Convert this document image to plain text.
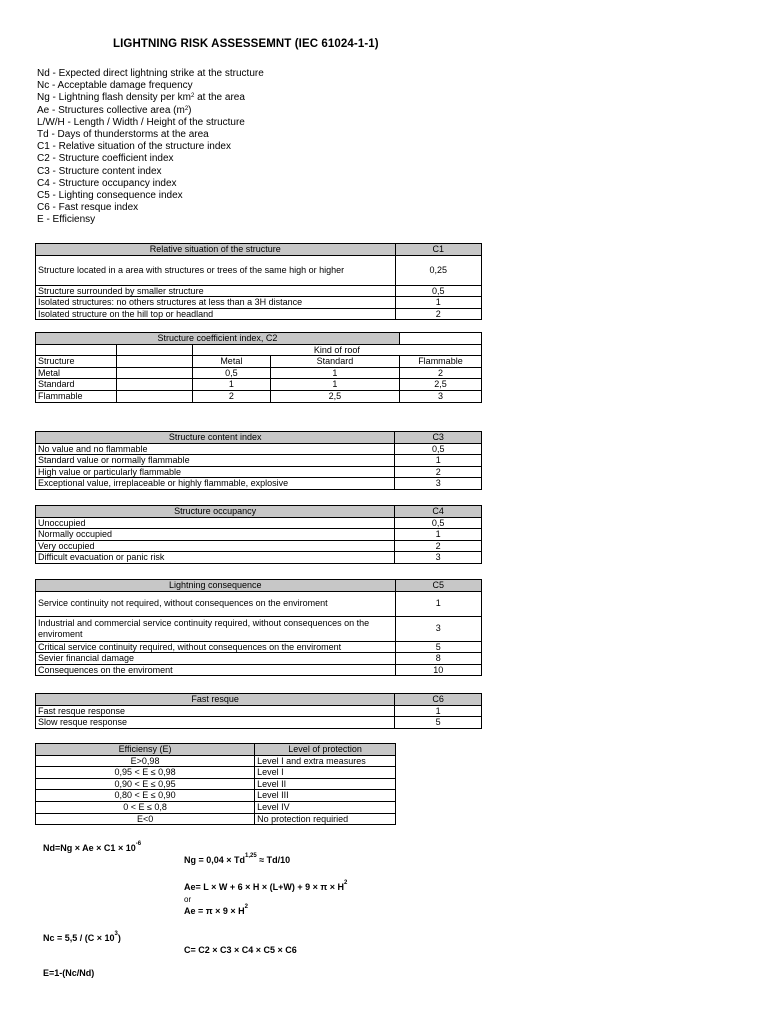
LIGHTNING RISK ASSESSEMNT (IEC 61024-1-1)
Nd - Expected direct lightning strike at the structure
Nc - Acceptable damage frequency
Ng - Lightning flash density per $km^2$ at the area
Ae - Structures collective area $(m^2)$
L/W/H - Length / Width / Height of the structure
Td - Days of thunderstorms at the area
C1 - Relative situation of the structure index
C2 - Structure coefficient index
C3 - Structure content index
C4 - Structure occupancy index
C5 - Lighting consequence index
C6 - Fast resque index
E - Efficiensy
Relative situation of the structure	C1
Structure located in a area with structures or trees of the same high or higher	0,25
Structure surrounded by smaller structure	0,5
Isolated structures: no others structures at less than a 3H distance	1
Isolated structure on the hill top or headland	2
Structure coefficient index, C2				
		Kind of roof		
Structure		Metal	Standard	Flammable
Metal		0,5	1	2
Standard		1	1	2,5
Flammable		2	2,5	3
Structure content index	C3
No value and no flammable	0,5
Standard value or normally flammable	1
High value or particularly flammable	2
Exceptional value, irreplaceable or highly flammable, explosive	3
Structure occupancy	C4
Unoccupied	0,5
Normally occupied	1
Very occupied	2
Difficult evacuation or panic risk	3
Lightning consequence	C5
Service continuity not required, without consequences on the enviroment	1
Industrial and commercial service continuity required, without consequences on the enviroment	3
Critical service continuity required, without consequences on the enviroment	5
Sevier financial damage	8
Consequences on the enviroment	10
Fast resque	C6
Fast resque response	1
Slow resque response	5
Efficiensy (E)	Level of protection
E>0,98	Level I and extra measures
0,95 < E ≤ 0,98	Level I
0,90 < E ≤ 0,95	Level II
0,80 < E ≤ 0,90	Level III
0 < E ≤ 0,8	Level IV
E<0	No protection requiried
$Nd=Ng \times Ae \times C1 \times 10^{-6}$
Ng = 0,04 × Td$^{1,25}$ ≈ Td/10
$Ae= L \times W + 6 \times H \times (L+W) + 9 \times \pi \times H^2$
or
$Ae = \pi \times 9 \times H^2$
$Nc = 5,5 / (C \times 10^3)$
C= C2 × C3 × C4 × C5 × C6
E=1-(Nc/Nd)
